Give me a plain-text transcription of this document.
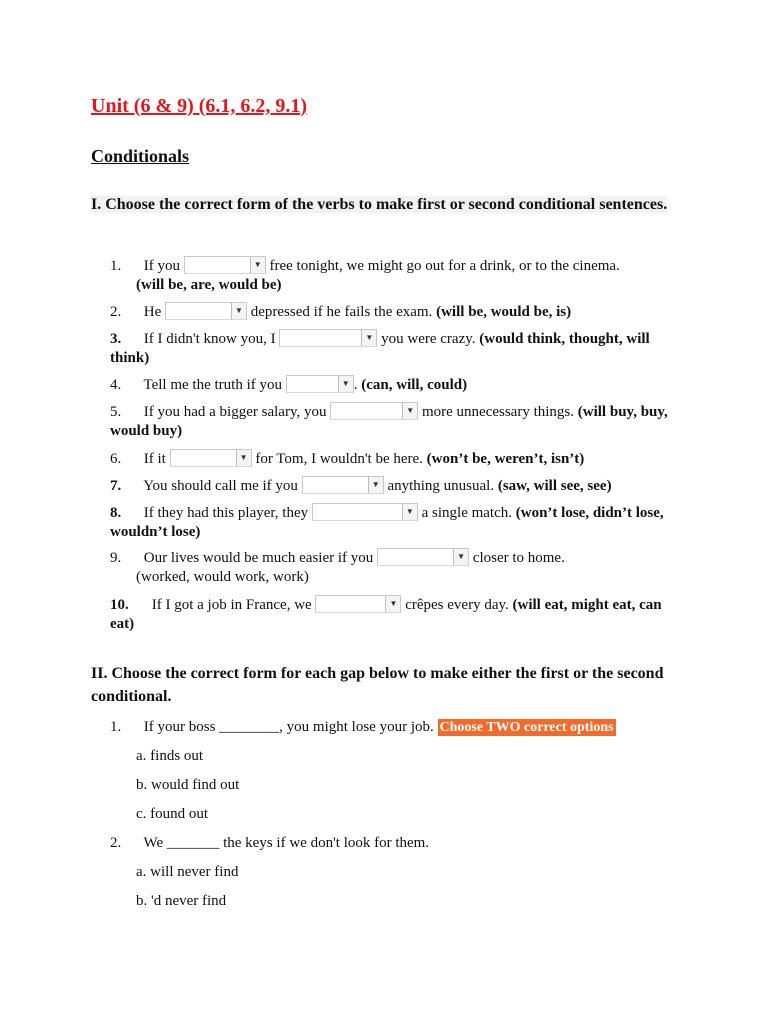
Unit (6 & 9) (6.1, 6.2, 9.1)
Conditionals

I. Choose the correct form of the verbs to make first or second conditional sentences.

1. If you	▼ free tonight, we might go out for a drink, or to the cinema.
(will be, are, would be)
2. He	▼ depressed if he fails the exam. (will be, would be, is)
3. If I didn't know you, I	▼ you were crazy. (would think, thought, will think)
4. Tell me the truth if you	▼ . (can, will, could)
5. If you had a bigger salary, you	▼ more unnecessary things. (will buy, buy, would buy)
6. If it	▼ for Tom, I wouldn't be here. (won’t be, weren’t, isn’t)
7. You should call me if you	▼ anything unusual. (saw, will see, see)
8. If they had this player, they	▼ a single match. (won’t lose, didn’t lose, wouldn’t lose)
9. Our lives would be much easier if you	▼ closer to home.
(worked, would work, work)
10. If I got a job in France, we	▼ crêpes every day. (will eat, might eat, can eat)

II. Choose the correct form for each gap below to make either the first or the second conditional.

1. If your boss ________, you might lose your job. Choose TWO correct options
a. finds out
b. would find out
c. found out
2. We _______ the keys if we don't look for them.
a. will never find
b. 'd never find
